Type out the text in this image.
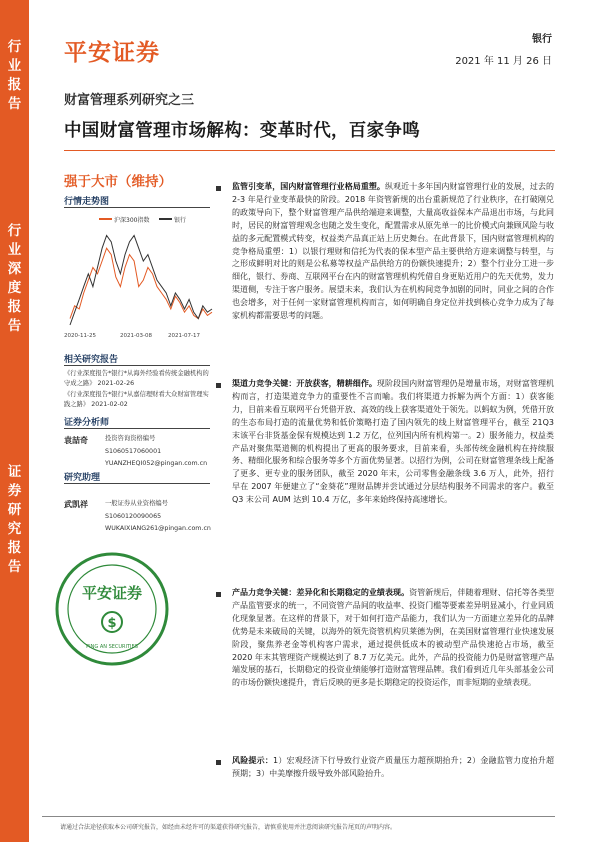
行
业
报
告
行
业
深
度
报
告
证
券
研
究
报
告
平安证券
银行
2021 年 11 月 26 日
财富管理系列研究之三
中国财富管理市场解构：变革时代，百家争鸣
强于大市（维持）
行情走势图
沪深300指数	银行
2020-11-25	2021-03-08	2021-07-17
相关研究报告
《行业深度报告*银行*从海外经验看传统金融机构的守成之路》 2021-02-26
《行业深度报告*银行*从嘉信理财看大众财富管理实践之路》 2021-02-02
证券分析师
袁喆奇	投资咨询资格编号
S1060517060001
YUANZHEQI052@pingan.com.cn
研究助理
武凯祥	一般证券从业资格编号
S1060120090065
WUKAIXIANG261@pingan.com.cn
平安证券
$
PING AN SECURITIES
监管引变革，国内财富管理行业格局重塑。纵观近十多年国内财富管理行业的发展，过去的 2-3 年是行业变革最快的阶段。2018 年资管新规的出台重新规范了行业秩序，在打破刚兑的政策导向下，整个财富管理产品供给端迎来调整，大量高收益保本产品退出市场，与此同时，居民的财富管理观念也随之发生变化，配置需求从原先单一的比价模式向兼顾风险与收益的多元配置模式转变，权益类产品真正站上历史舞台。在此背景下，国内财富管理机构的竞争格局重塑：1）以银行理财和信托为代表的保本型产品主要供给方迎来调整与转型，与之形成鲜明对比的则是公私募等权益产品供给方的份额快速提升；2）整个行业分工进一步细化，银行、券商、互联网平台在内的财富管理机构凭借自身更贴近用户的先天优势，发力渠道侧，专注于客户服务。展望未来，我们认为在机构间竞争加剧的同时，同业之间的合作也会增多，对于任何一家财富管理机构而言，如何明确自身定位并找到核心竞争力成为了每家机构都需要思考的问题。
渠道力竞争关键：开放获客，精耕细作。现阶段国内财富管理仍是增量市场，对财富管理机构而言，打造渠道竞争力的重要性不言而喻。我们将渠道力拆解为两个方面：1）获客能力，目前来看互联网平台凭借开放、高效的线上获客渠道处于领先。以蚂蚁为例，凭借开放的生态布局打造的流量优势和低价策略打造了国内领先的线上财富管理平台，截至 21Q3 末该平台非货基金保有规模达到 1.2 万亿，位列国内所有机构第一。2）服务能力，权益类产品对聚焦渠道侧的机构提出了更高的服务要求，目前来看，头部传统金融机构在持续服务、精细化服务和综合服务等多个方面优势显著。以招行为例，公司在财富管理条线上配备了更多、更专业的服务团队，截至 2020 年末，公司零售金融条线 3.6 万人，此外，招行早在 2007 年便建立了“金葵花”理财品牌并尝试通过分层结构服务不同需求的客户。截至 Q3 末公司 AUM 达到 10.4 万亿，多年来始终保持高速增长。
产品力竞争关键：差异化和长期稳定的业绩表现。资管新规后，伴随着理财、信托等各类型产品监管要求的统一，不同资管产品间的收益率、投资门槛等要素差异明显减小，行业同质化现象显著。在这样的背景下，对于如何打造产品能力，我们认为一方面建立差异化的品牌优势是未来破局的关键，以海外的领先资管机构贝莱德为例，在美国财富管理行业快速发展阶段，聚焦养老金等机构客户需求，通过提供低成本的被动型产品快速抢占市场，截至 2020 年末其管理资产规模达到了 8.7 万亿美元。此外，产品的投资能力仍是财富管理产品端发展的基石，长期稳定的投资业绩能够打造财富管理品牌。我们看到近几年头部基金公司的市场份额快速提升，背后反映的更多是长期稳定的投资运作，而非短期的业绩表现。
风险提示：1）宏观经济下行导致行业资产质量压力超预期抬升；2）金融监管力度抬升超预期；3）中美摩擦升级导致外部风险抬升。
请通过合法途径获取本公司研究报告，如经由未经许可的渠道获得研究报告，请慎重使用并注意阅读研究报告尾页的声明内容。
